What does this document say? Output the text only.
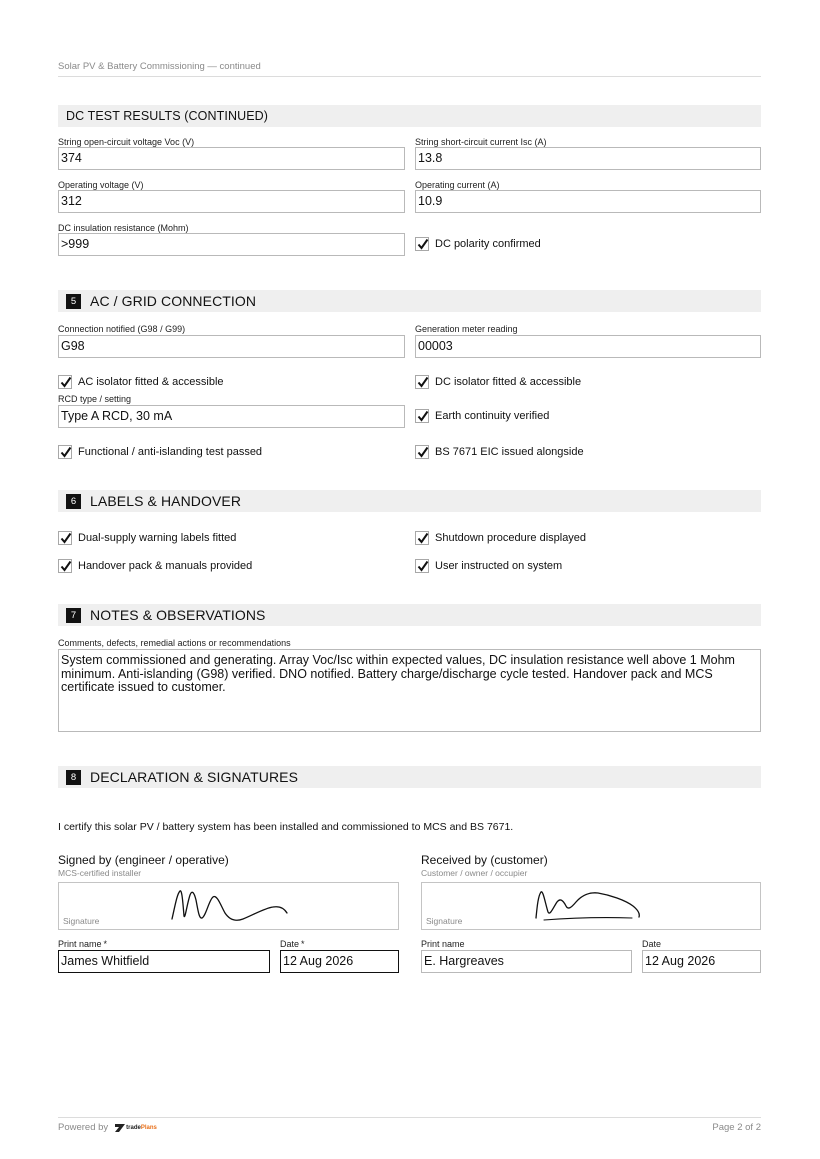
Solar PV & Battery Commissioning — continued
DC TEST RESULTS (CONTINUED)
String open-circuit voltage Voc (V)
374
String short-circuit current Isc (A)
13.8
Operating voltage (V)
312
Operating current (A)
10.9
DC insulation resistance (Mohm)
>999	DC polarity confirmed
5 AC / GRID CONNECTION
Connection notified (G98 / G99)
G98
Generation meter reading
00003
AC isolator fitted & accessible	DC isolator fitted & accessible
RCD type / setting
Type A RCD, 30 mA	Earth continuity verified
Functional / anti-islanding test passed	BS 7671 EIC issued alongside
6 LABELS & HANDOVER
Dual-supply warning labels fitted	Shutdown procedure displayed
Handover pack & manuals provided	User instructed on system
7 NOTES & OBSERVATIONS
Comments, defects, remedial actions or recommendations
System commissioned and generating. Array Voc/Isc within expected values, DC insulation resistance well above 1 Mohm minimum. Anti-islanding (G98) verified. DNO notified. Battery charge/discharge cycle tested. Handover pack and MCS certificate issued to customer.
8 DECLARATION & SIGNATURES
I certify this solar PV / battery system has been installed and commissioned to MCS and BS 7671.
Signed by (engineer / operative)
MCS-certified installer
Signature
Print name *
James Whitfield
Date *
12 Aug 2026
Received by (customer)
Customer / owner / occupier
Signature
Print name
E. Hargreaves
Date
12 Aug 2026
Powered by	trade Plans	Page 2 of 2
